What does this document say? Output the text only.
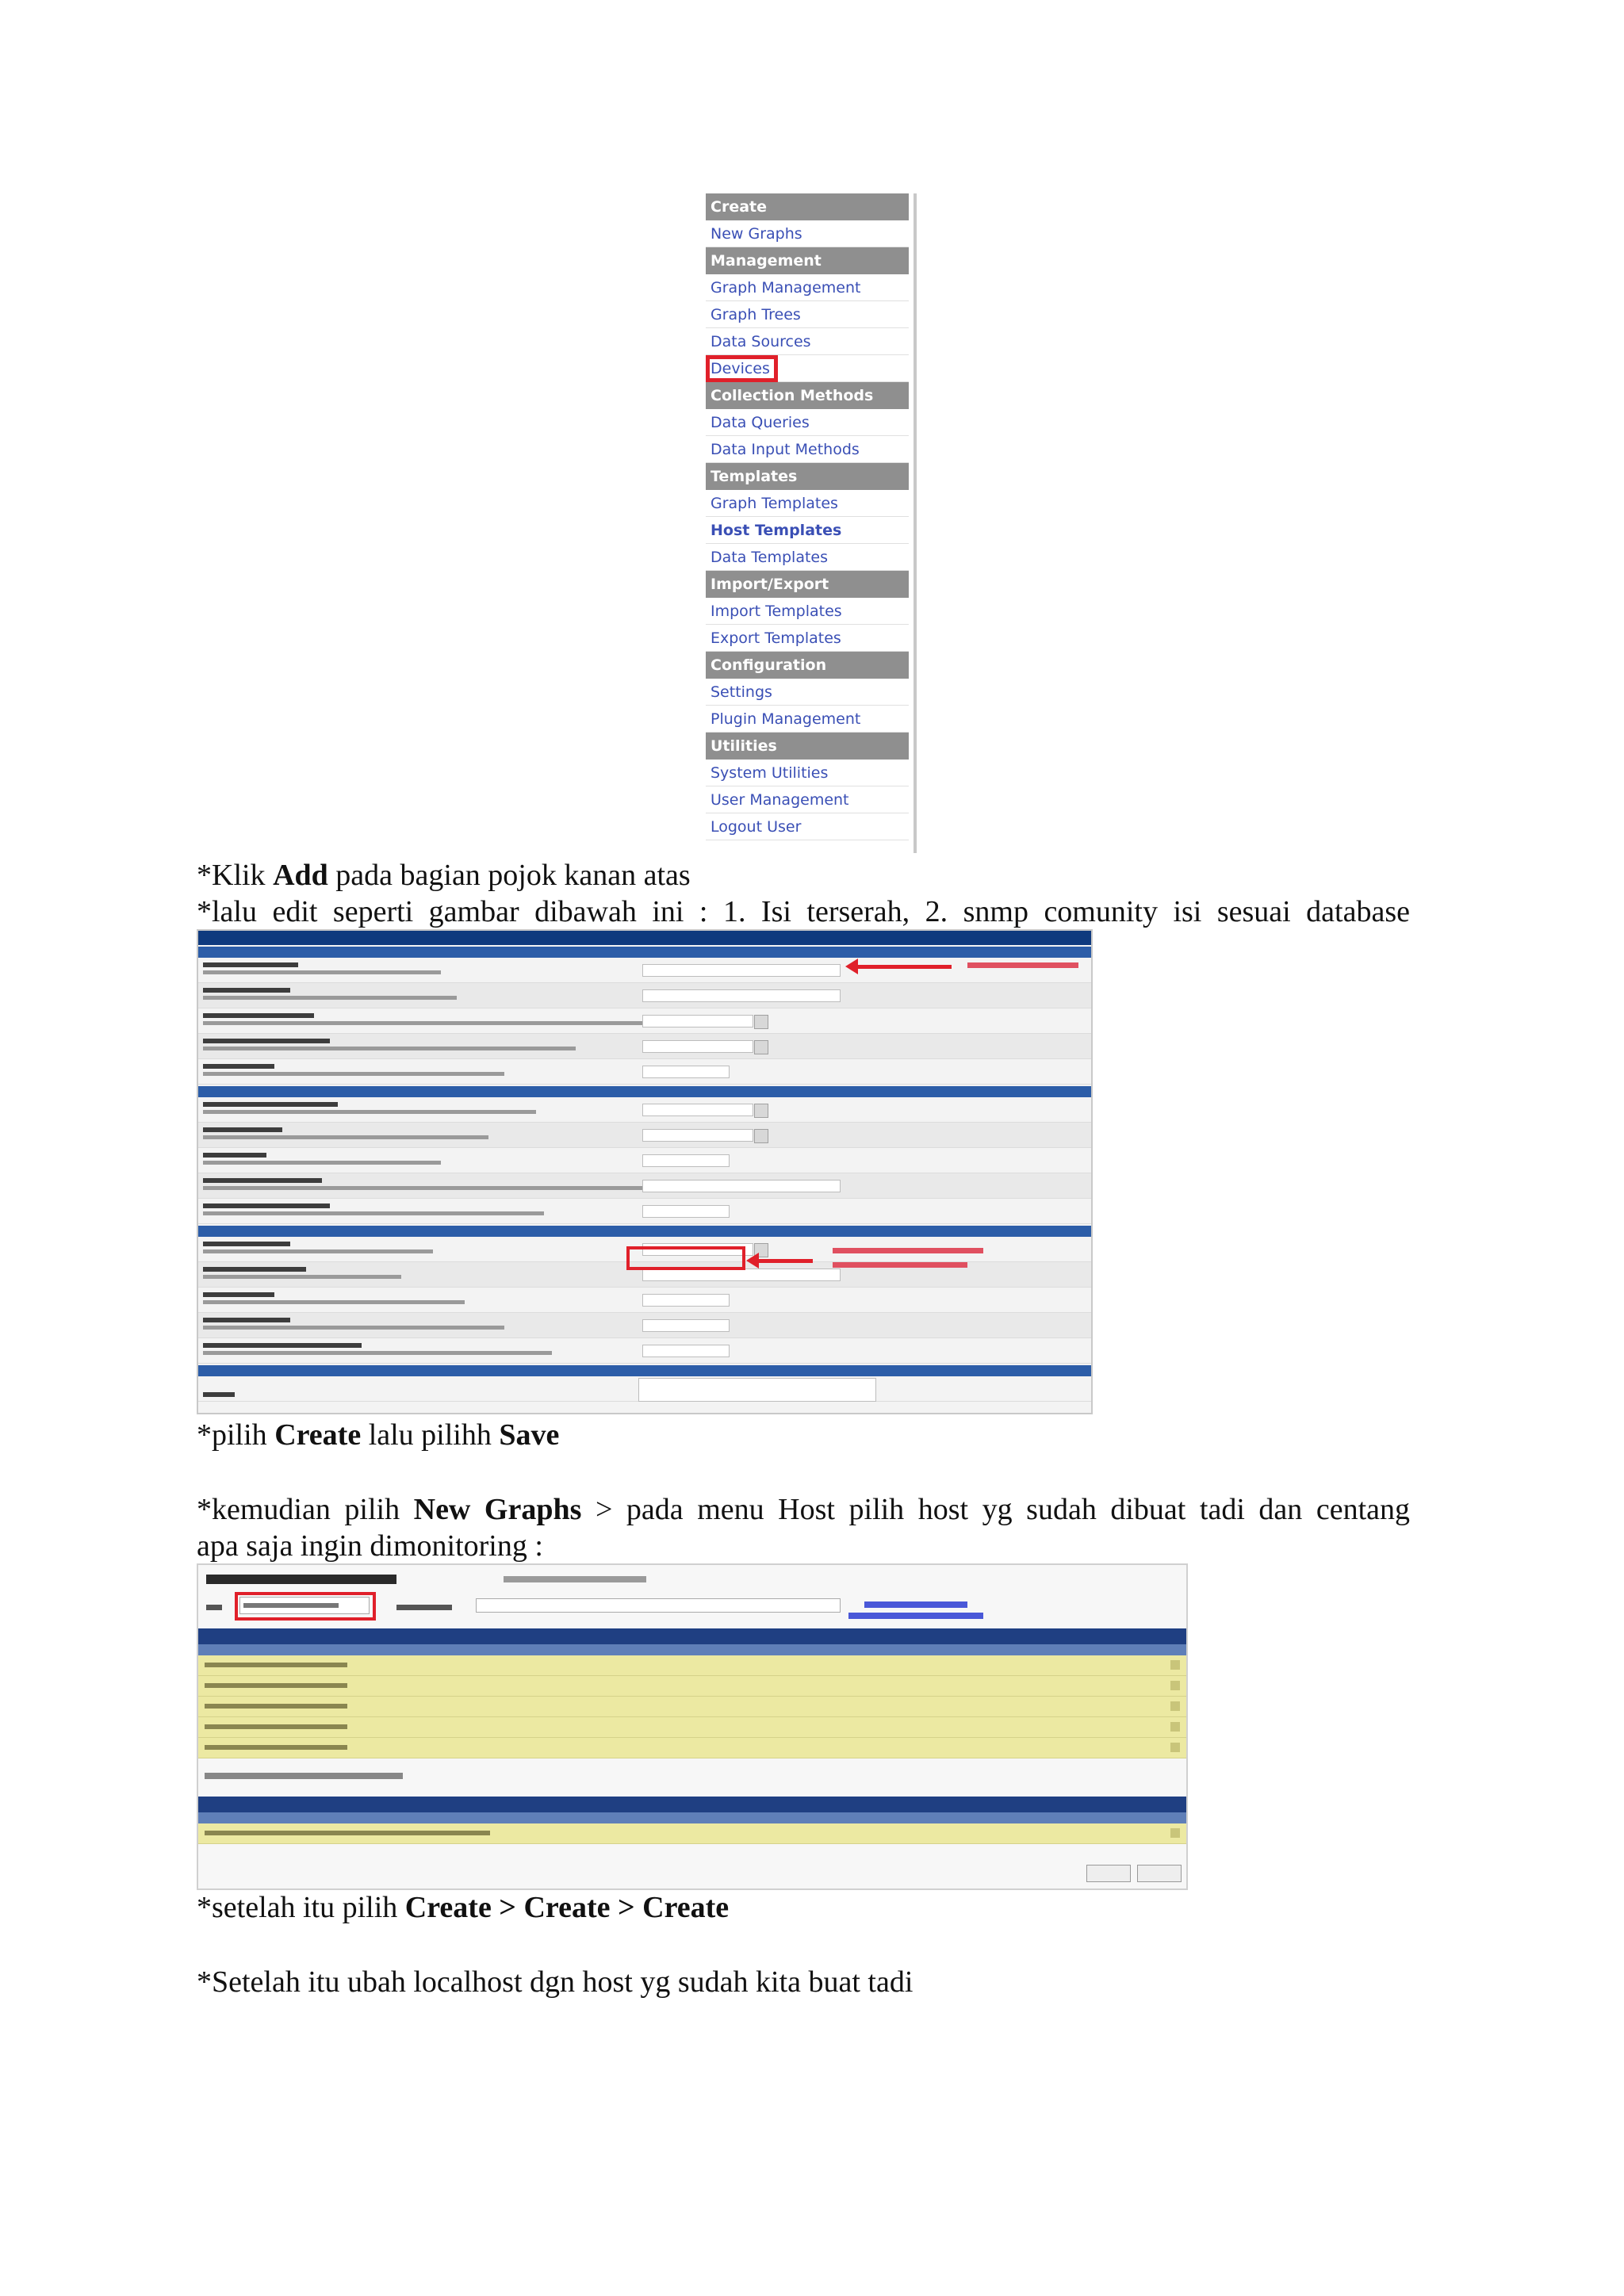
Create
New Graphs
Management
Graph Management
Graph Trees
Data Sources
Devices
Collection Methods
Data Queries
Data Input Methods
Templates
Graph Templates
Host Templates
Data Templates
Import/Export
Import Templates
Export Templates
Configuration
Settings
Plugin Management
Utilities
System Utilities
User Management
Logout User
*Klik Add pada bagian pojok kanan atas
*lalu edit seperti gambar dibawah ini : 1. Isi terserah, 2. snmp comunity isi sesuai database
*pilih Create lalu pilihh Save
*kemudian pilih New Graphs > pada menu Host pilih host yg sudah dibuat tadi dan centang
apa saja ingin dimonitoring :
*setelah itu pilih Create > Create > Create
*Setelah itu ubah localhost dgn host yg sudah kita buat tadi
